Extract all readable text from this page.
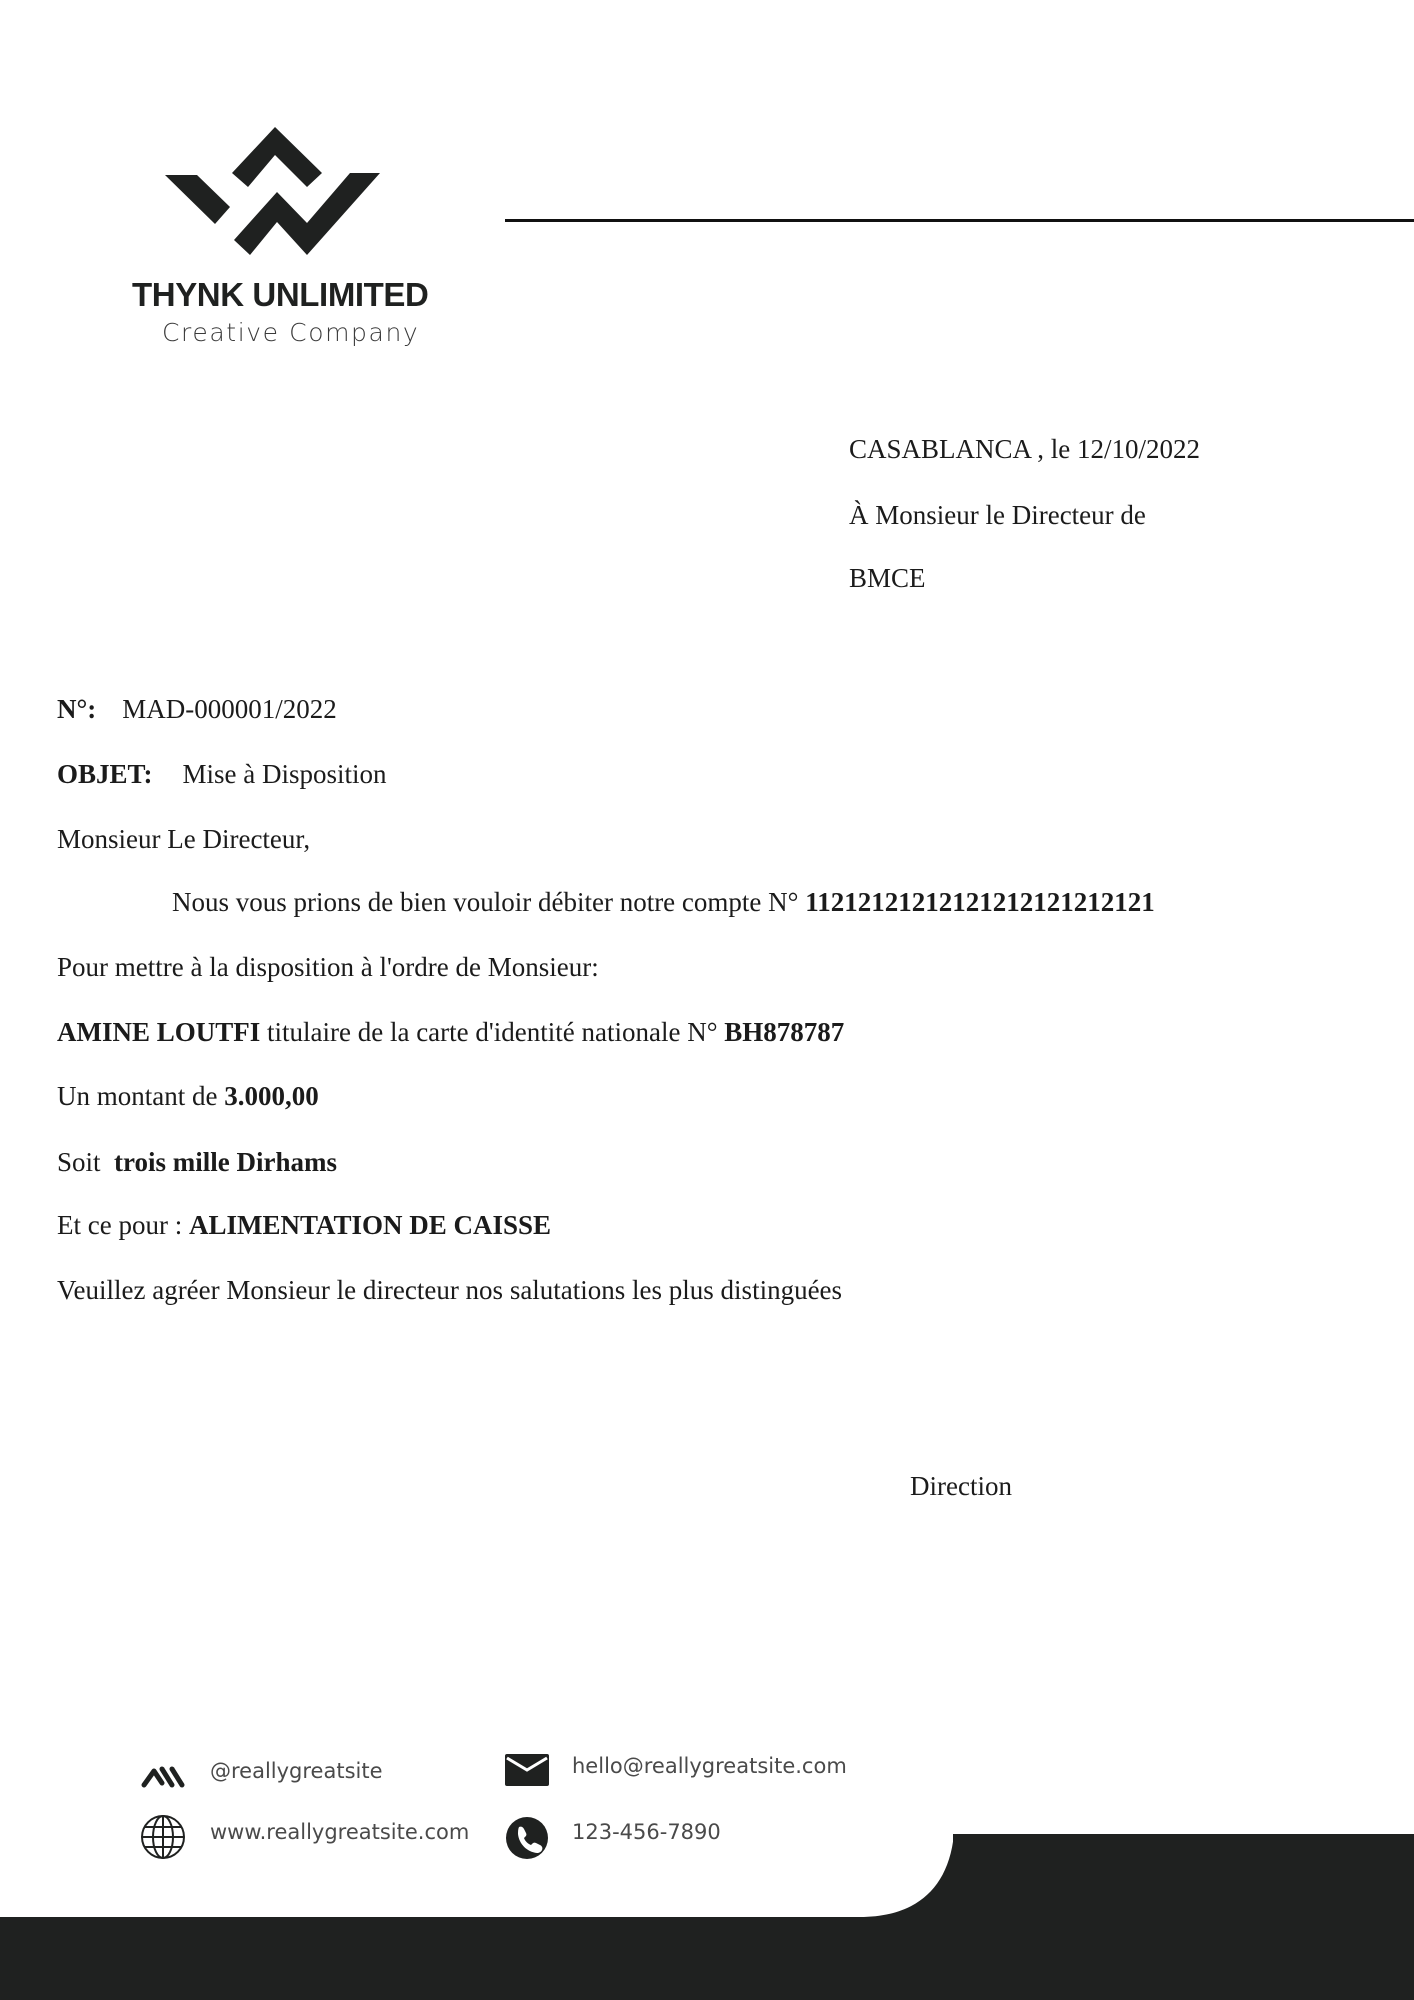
THYNK UNLIMITED
Creative Company
CASABLANCA , le 12/10/2022
À Monsieur le Directeur de
BMCE
N°: MAD-000001/2022
OBJET: Mise à Disposition
Monsieur Le Directeur,
Nous vous prions de bien vouloir débiter notre compte N° 11212121212121212121212121
Pour mettre à la disposition à l'ordre de Monsieur:
AMINE LOUTFI titulaire de la carte d'identité nationale N° BH878787
Un montant de 3.000,00
Soit  trois mille Dirhams
Et ce pour : ALIMENTATION DE CAISSE
Veuillez agréer Monsieur le directeur nos salutations les plus distinguées
Direction
@reallygreatsite
www.reallygreatsite.com
hello@reallygreatsite.com
123-456-7890
